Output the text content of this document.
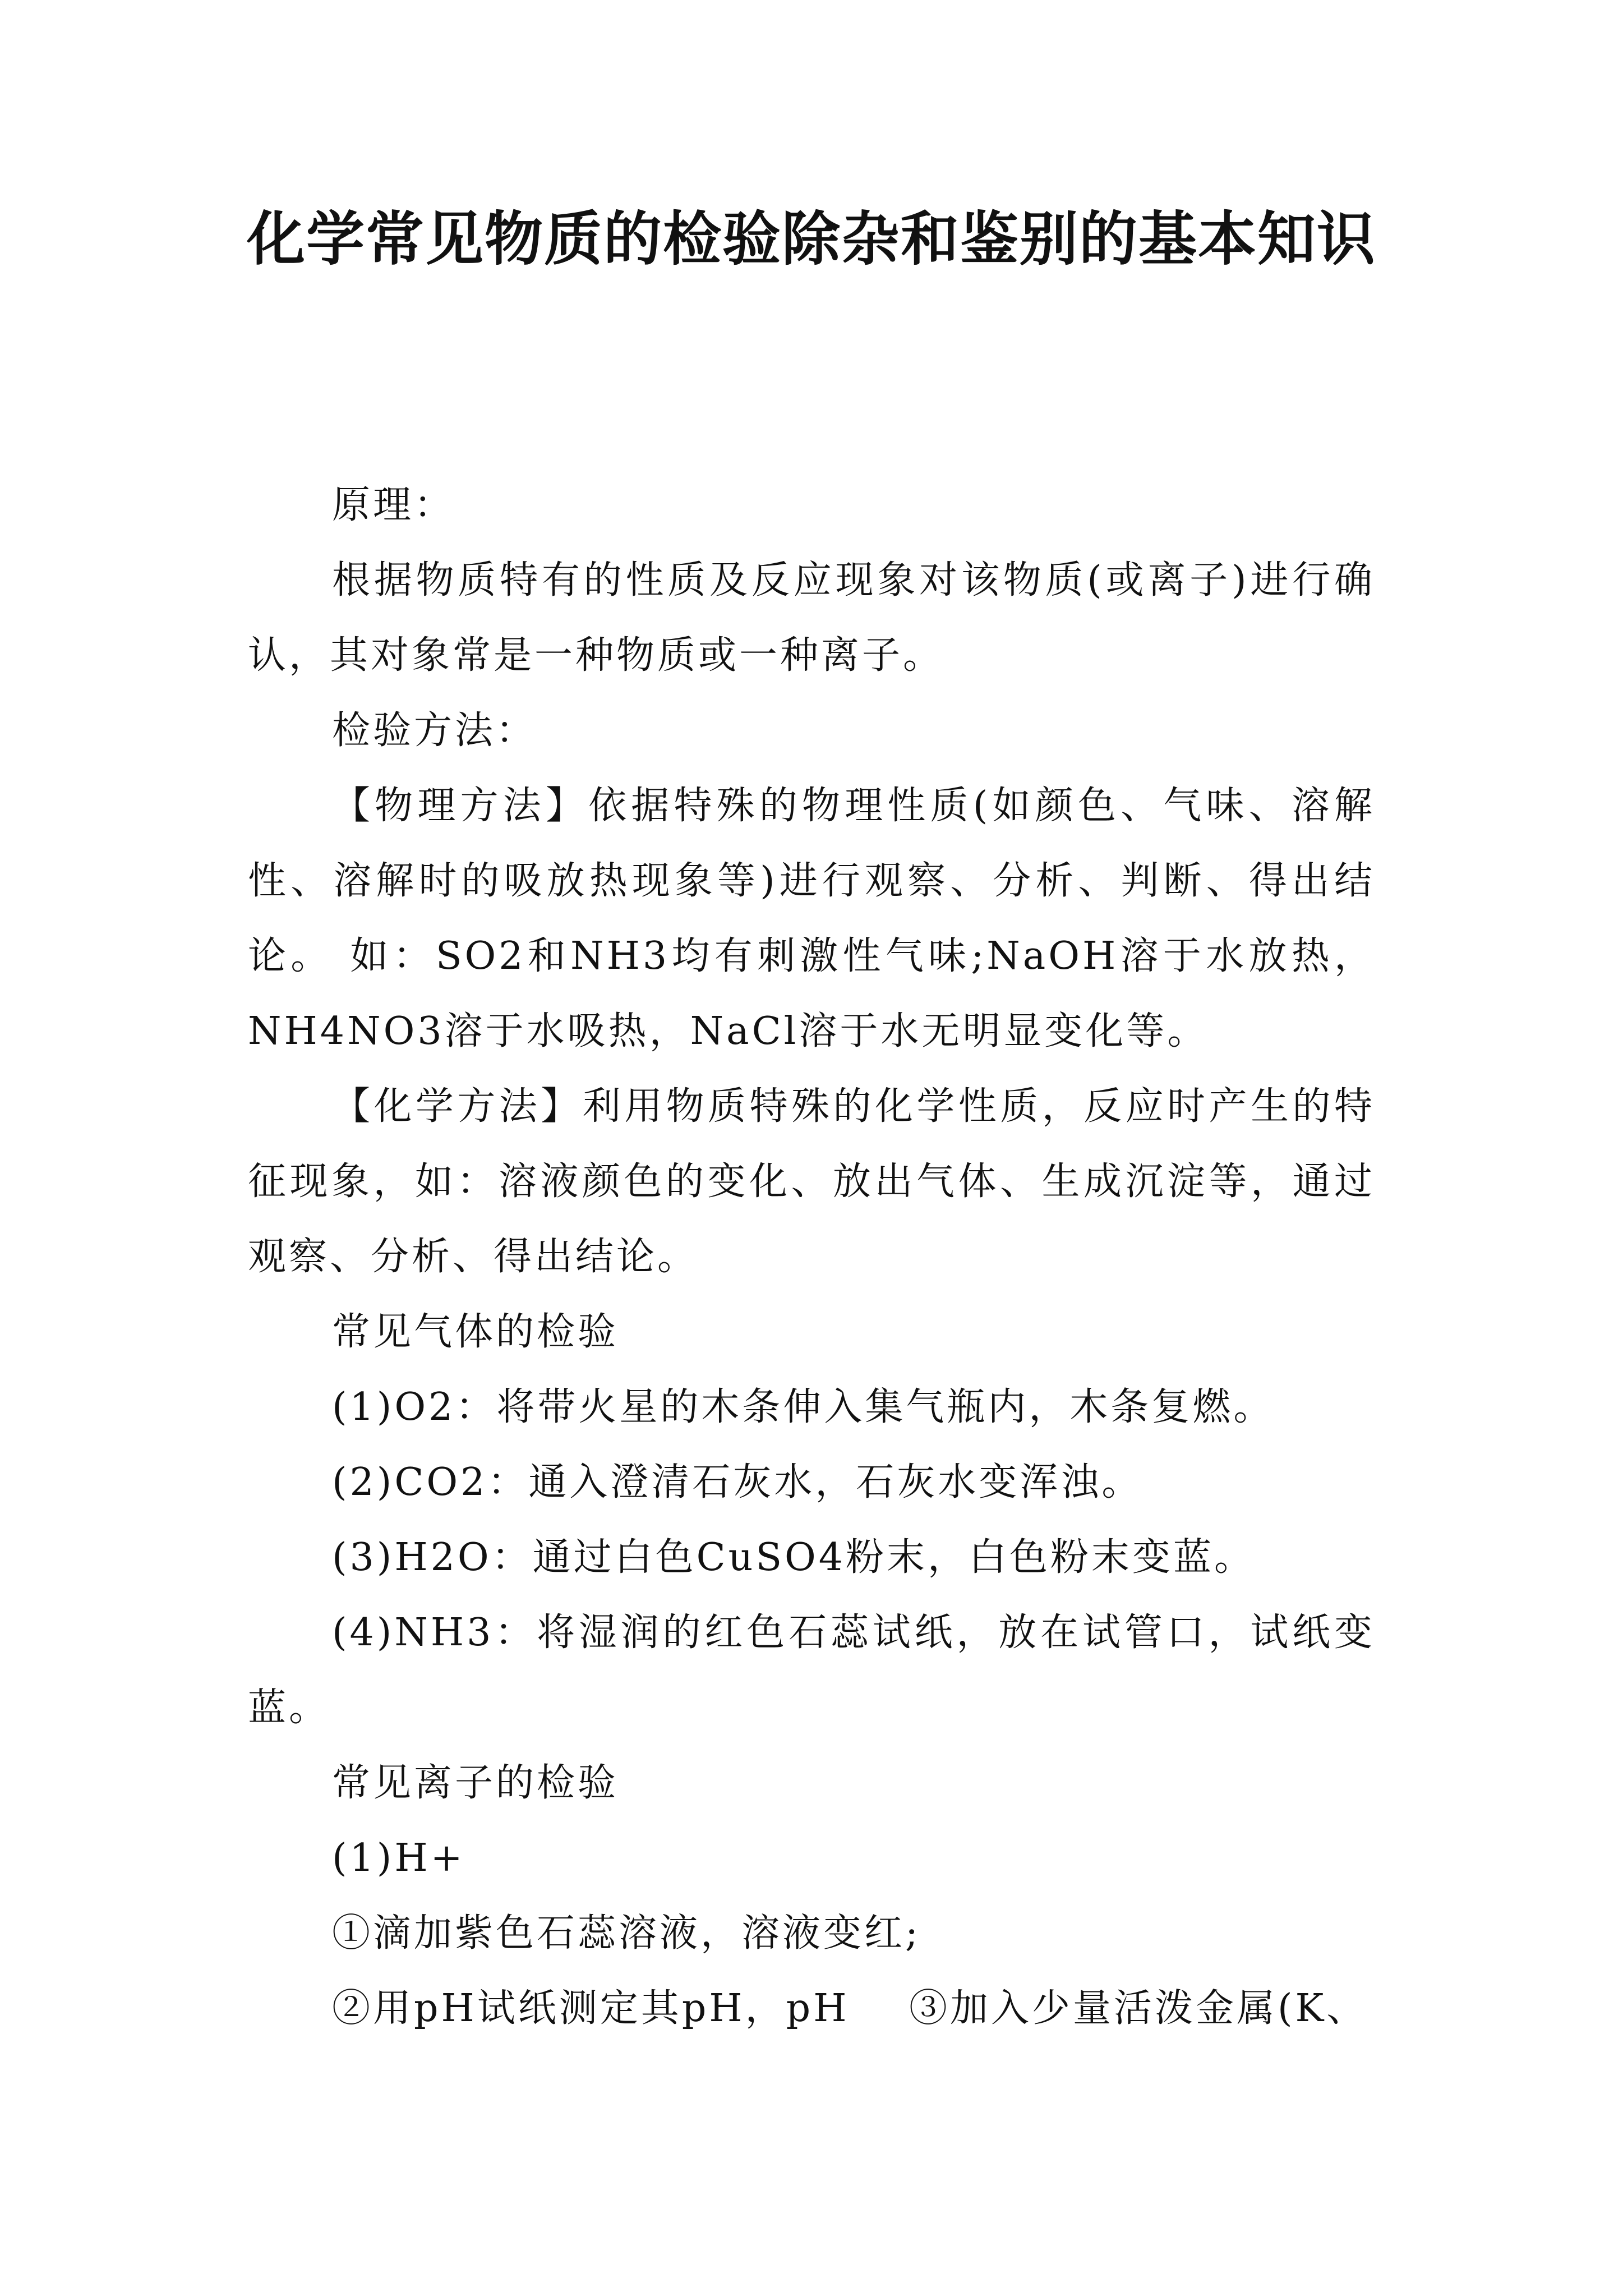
化学常见物质的检验除杂和鉴别的基本知识

原理：

根据物质特有的性质及反应现象对该物质(或离子)进行确认，其对象常是一种物质或一种离子。

检验方法：

【物理方法】依据特殊的物理性质(如颜色、气味、溶解性、溶解时的吸放热现象等)进行观察、分析、判断、得出结论。 如：SO2和NH3均有刺激性气味;NaOH溶于水放热，NH4NO3溶于水吸热，NaCl溶于水无明显变化等。

【化学方法】利用物质特殊的化学性质，反应时产生的特征现象，如：溶液颜色的变化、放出气体、生成沉淀等，通过观察、分析、得出结论。

常见气体的检验

(1)O2：将带火星的木条伸入集气瓶内，木条复燃。

(2)CO2：通入澄清石灰水，石灰水变浑浊。

(3)H2O：通过白色CuSO4粉末，白色粉末变蓝。

(4)NH3：将湿润的红色石蕊试纸，放在试管口，试纸变蓝。

常见离子的检验

(1)H+

①滴加紫色石蕊溶液，溶液变红;

②用pH试纸测定其pH，pH    ③加入少量活泼金属(K、
